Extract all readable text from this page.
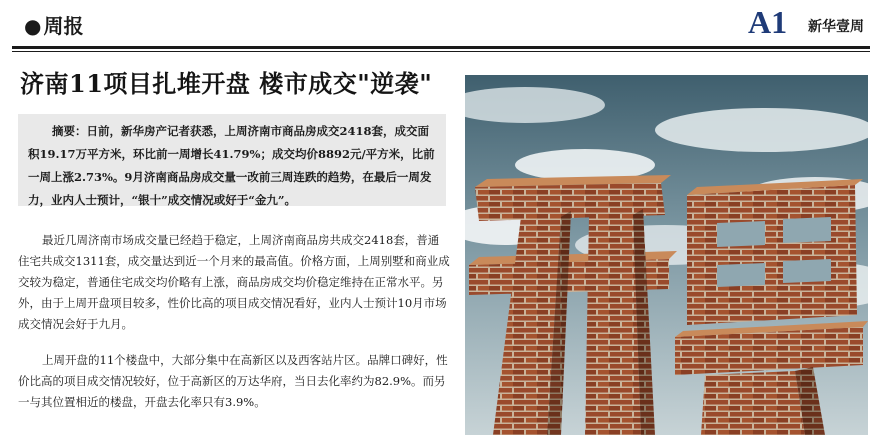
● 周报	A1 新华壹周
济南11项目扎堆开盘 楼市成交"逆袭"
摘要：日前，新华房产记者获悉，上周济南市商品房成交2418套，成交面积19.17万平方米，环比前一周增长41.79%；成交均价8892元/平方米，比前一周上涨2.73%。9月济南商品房成交量一改前三周连跌的趋势，在最后一周发力，业内人士预计，“银十”成交情况或好于“金九”。
最近几周济南市场成交量已经趋于稳定，上周济南商品房共成交2418套，普通住宅共成交1311套，成交量达到近一个月来的最高值。价格方面，上周别墅和商业成交较为稳定，普通住宅成交均价略有上涨，商品房成交均价稳定维持在正常水平。另外，由于上周开盘项目较多，性价比高的项目成交情况看好，业内人士预计10月市场成交情况会好于九月。
上周开盘的11个楼盘中，大部分集中在高新区以及西客站片区。品牌口碑好，性价比高的项目成交情况较好，位于高新区的万达华府，当日去化率约为82.9%。而另一与其位置相近的楼盘，开盘去化率只有3.9%。
